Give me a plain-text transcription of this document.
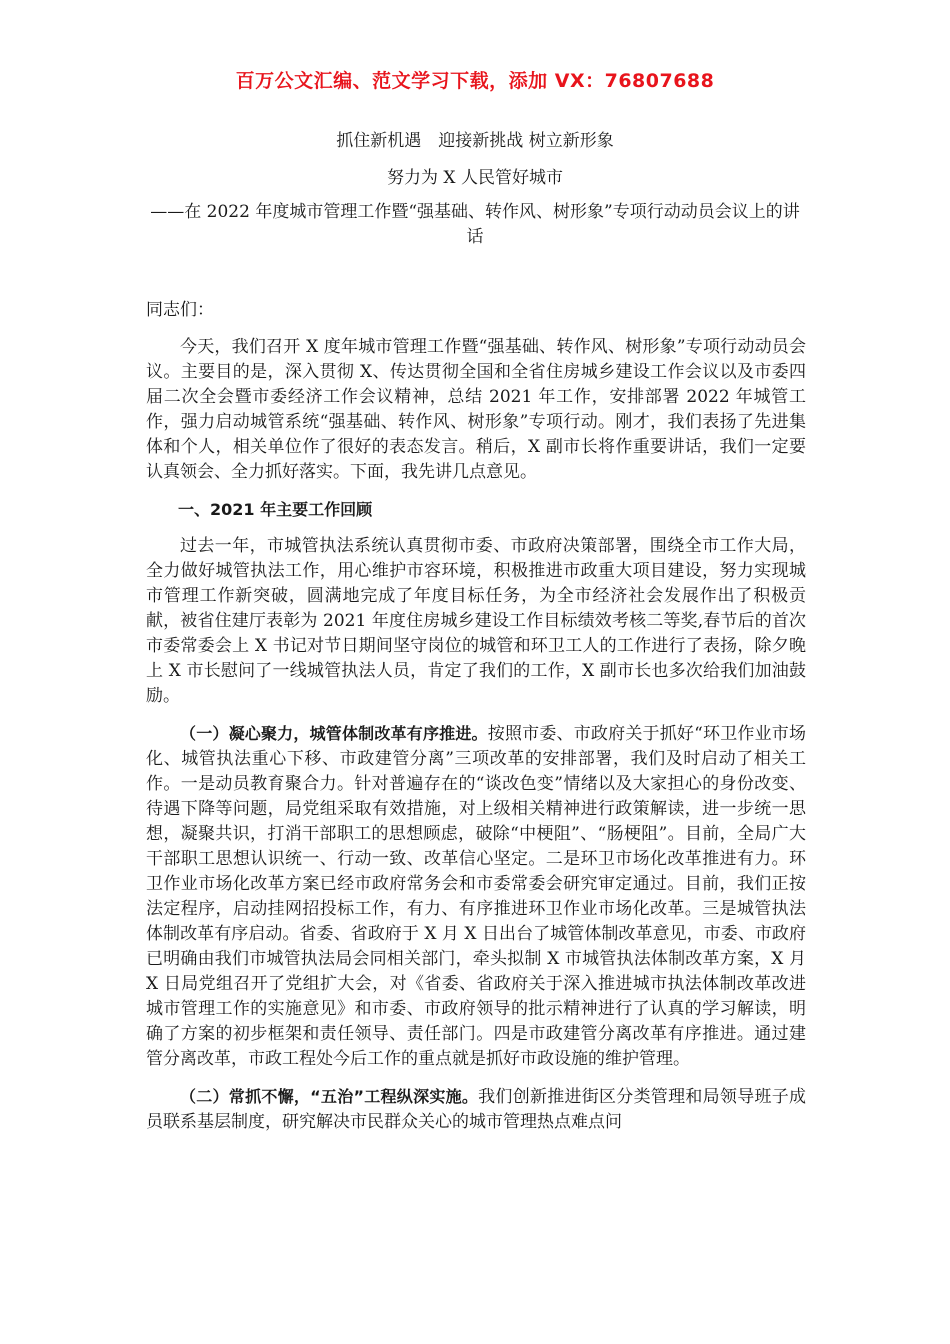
百万公文汇编、范文学习下载，添加 VX：76807688
抓住新机遇　迎接新挑战 树立新形象
努力为 X 人民管好城市
——在 2022 年度城市管理工作暨“强基础、转作风、树形象”专项行动动员会议上的讲话
同志们：

今天，我们召开 X 度年城市管理工作暨“强基础、转作风、树形象”专项行动动员会议。主要目的是，深入贯彻 X、传达贯彻全国和全省住房城乡建设工作会议以及市委四届二次全会暨市委经济工作会议精神，总结 2021 年工作，安排部署 2022 年城管工作，强力启动城管系统“强基础、转作风、树形象”专项行动。刚才，我们表扬了先进集体和个人，相关单位作了很好的表态发言。稍后，X 副市长将作重要讲话，我们一定要认真领会、全力抓好落实。下面，我先讲几点意见。

一、2021 年主要工作回顾

过去一年，市城管执法系统认真贯彻市委、市政府决策部署，围绕全市工作大局，全力做好城管执法工作，用心维护市容环境，积极推进市政重大项目建设，努力实现城市管理工作新突破，圆满地完成了年度目标任务，为全市经济社会发展作出了积极贡献，被省住建厅表彰为 2021 年度住房城乡建设工作目标绩效考核二等奖,春节后的首次市委常委会上 X 书记对节日期间坚守岗位的城管和环卫工人的工作进行了表扬，除夕晚上 X 市长慰问了一线城管执法人员，肯定了我们的工作，X 副市长也多次给我们加油鼓励。

（一）凝心聚力，城管体制改革有序推进。按照市委、市政府关于抓好“环卫作业市场化、城管执法重心下移、市政建管分离”三项改革的安排部署，我们及时启动了相关工作。一是动员教育聚合力。针对普遍存在的“谈改色变”情绪以及大家担心的身份改变、待遇下降等问题，局党组采取有效措施，对上级相关精神进行政策解读，进一步统一思想，凝聚共识，打消干部职工的思想顾虑，破除“中梗阻”、“肠梗阻”。目前，全局广大干部职工思想认识统一、行动一致、改革信心坚定。二是环卫市场化改革推进有力。环卫作业市场化改革方案已经市政府常务会和市委常委会研究审定通过。目前，我们正按法定程序，启动挂网招投标工作，有力、有序推进环卫作业市场化改革。三是城管执法体制改革有序启动。省委、省政府于 X 月 X 日出台了城管体制改革意见，市委、市政府已明确由我们市城管执法局会同相关部门，牵头拟制 X 市城管执法体制改革方案，X 月 X 日局党组召开了党组扩大会，对《省委、省政府关于深入推进城市执法体制改革改进城市管理工作的实施意见》和市委、市政府领导的批示精神进行了认真的学习解读，明确了方案的初步框架和责任领导、责任部门。四是市政建管分离改革有序推进。通过建管分离改革，市政工程处今后工作的重点就是抓好市政设施的维护管理。

（二）常抓不懈，“五治”工程纵深实施。我们创新推进街区分类管理和局领导班子成员联系基层制度，研究解决市民群众关心的城市管理热点难点问
